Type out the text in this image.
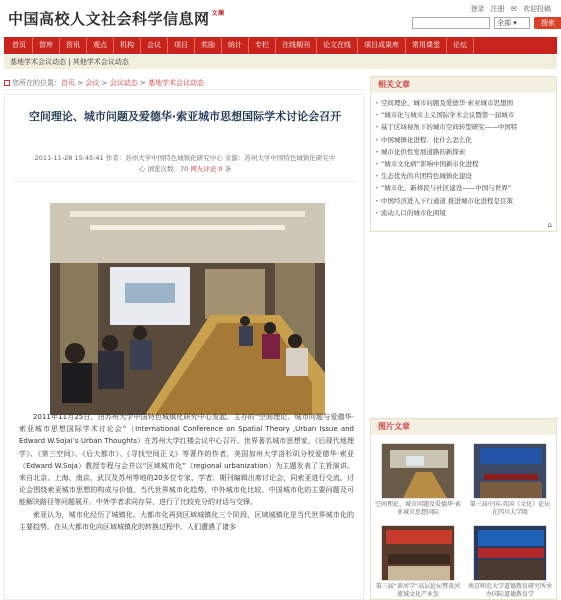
中国高校人文社会科学信息网 文澜
登录 注册 ✉ 欢迎投稿
全部 ▾	搜索
首页	智库	资讯	观点	机构	会议	项目	奖励	统计	专栏	在线期刊	论文在线	项目成果库	常用课堂	论坛
基地学术会议动态 | 其他学术会议动态
您所在的位置：首页 > 会议 > 会议动态 > 基地学术会议动态
空间理论、城市问题及爱德华·索亚城市思想国际学术讨论会召开
2011-11-28 15:45:41 作者：苏州大学中国特色城镇化研究中心 来源：苏州大学中国特色城镇化研究中
心 浏览次数：70 网友评论 0 条

2011年11月25日，由苏州大学中国特色城镇化研究中心发起、主办的“空间理论、城市问题与爱德华·索亚城市思想国际学术讨论会”（International Conference on Spatial Theory ,Urban Issue and Edward W.Sojai’s Urban Thoughts）在苏州大学红楼会议中心召开。世界著名城市思想家，《后现代地理学》、《第三空间》、《后大都市》、《寻找空间正义》等著作的作者，美国加州大学洛杉矶分校爱德华·索亚（Edward W.Soja）教授专程与会并以“区域城市化”（regional urbanization）为主题发表了主旨演讲。来自北京、上海、南京、武汉及苏州等地的20多位专家、学者、期刊编辑出席讨论会，同索亚进行交流。讨论会围绕索亚城市思想的构成与价值、当代世界城市化趋势、中外城市化比较、中国城市化的主要问题及可能解决路径等问题展开。中外学者求同存异，进行了比较充分的对话与交锋。

索亚认为，城市化经历了城镇化、大都市化再到区域城镇化三个阶段，区域城镇化是当代世界城市化的主要趋势。在从大都市化向区域城镇化的转换过程中，人们遭遇了诸多

相关文章
• 空间理论、城市问题及爱德华·索亚城市思想国
• “城市化与城市主义国际学术会议暨第一届城市
• 基于区域视角下的城市空间转型研究——中国特
• 中国城镇化进程：化什么怎么化
• 城市化供性发展道路的新探索
• “城市文化病”影响中国新市化进程
• 生态优先的兵团特色城镇化建设
• “城市化、新移民与社区建设——中国与世界”
• 中国经济进入下行通道 推进城市化进程是良策
• 流动人口的城市化困境
⌂
图片文章
空间理论、城市问题及爱德华·索亚城市思想国际
第三届中国-英国《文化》论坛在四川大学隆
第三届“黄河学”高层论坛暨黄河流域文化产业发
南京师范大学道德教育研究所承办国际道德教育学
